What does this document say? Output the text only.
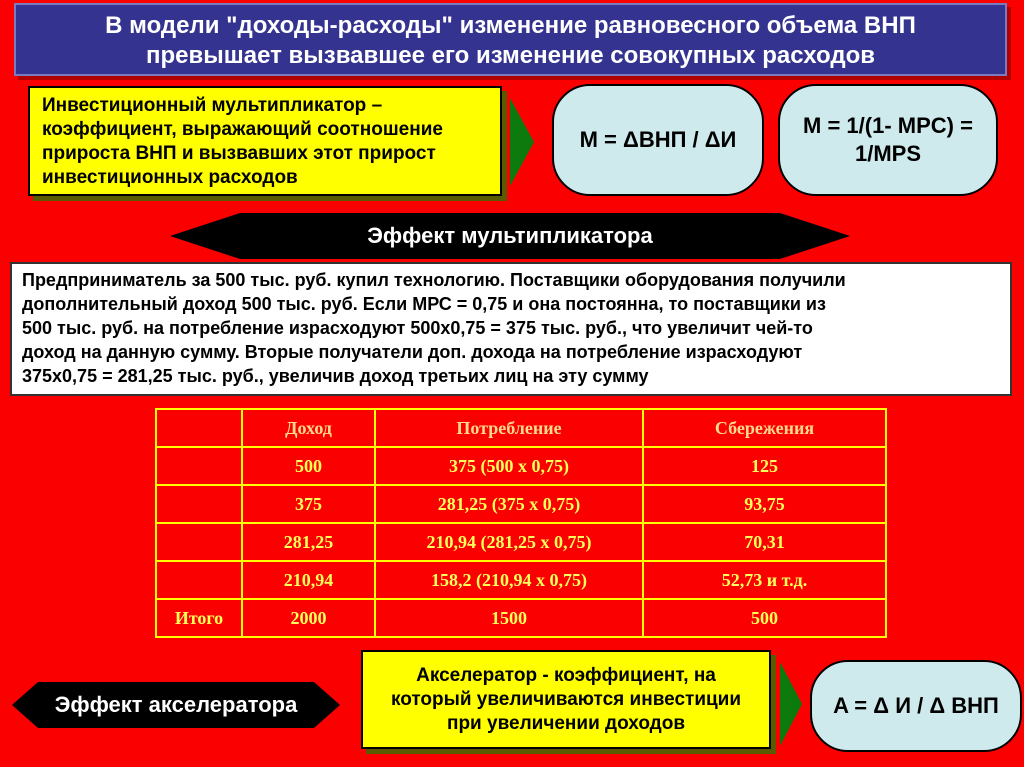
В модели "доходы-расходы" изменение равновесного объема ВНП
превышает вызвавшее его изменение совокупных расходов
Инвестиционный мультипликатор –
коэффициент, выражающий соотношение
прироста ВНП и вызвавших этот прирост
инвестиционных расходов
M = ΔВНП / ΔИ
M = 1/(1- MPC) =
1/MPS
Эффект мультипликатора
Предприниматель за 500 тыс. руб. купил технологию. Поставщики оборудования получили
дополнительный доход 500 тыс. руб. Если МРС = 0,75 и она постоянна, то поставщики из
500 тыс. руб. на потребление израсходуют 500х0,75 = 375 тыс. руб., что увеличит чей-то
доход на данную сумму. Вторые получатели доп. дохода на потребление израсходуют
375х0,75 = 281,25 тыс. руб., увеличив доход третьих лиц на эту сумму
	Доход	Потребление	Сбережения
	500	375 (500 х 0,75)	125
	375	281,25 (375 х 0,75)	93,75
	281,25	210,94 (281,25 х 0,75)	70,31
	210,94	158,2 (210,94 х 0,75)	52,73 и т.д.
Итого	2000	1500	500
Эффект акселератора
Акселератор - коэффициент, на
который увеличиваются инвестиции
при увеличении доходов
A = Δ И / Δ ВНП
